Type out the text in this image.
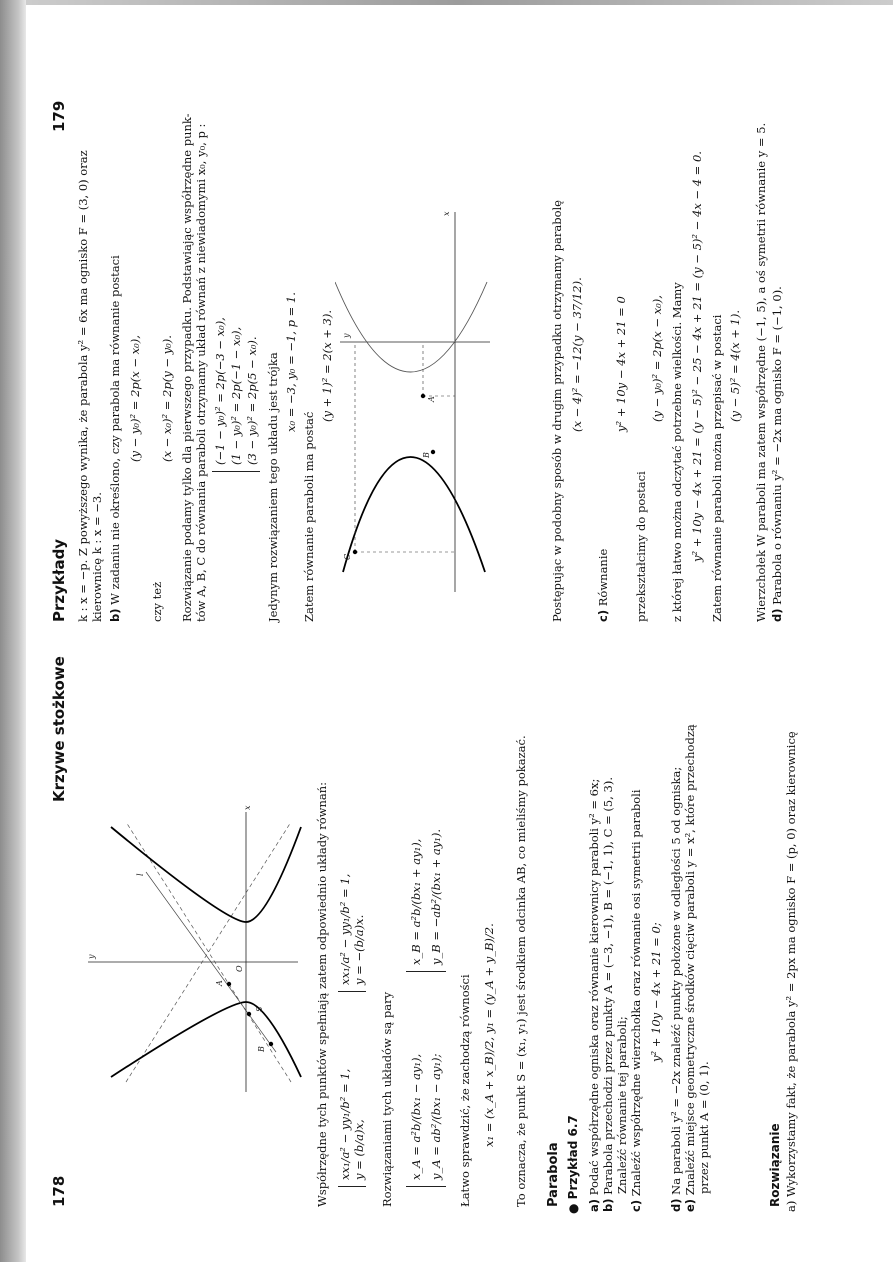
178
Krzywe stożkowe
y
x
O
A
B
S
l	Współrzędne tych punktów spełniają zatem odpowiednio układy równań: xx₁/a² − yy₁/b² = 1, y = (b/a)x,
xx₁/a² − yy₁/b² = 1, y = −(b/a)x.
Rozwiązaniami tych układów są pary x_A = a²b/(bx₁ − ay₁), y_A = ab²/(bx₁ − ay₁);
x_B = a²b/(bx₁ + ay₁), y_B = −ab²/(bx₁ + ay₁).
Łatwo sprawdzić, że zachodzą równości x₁ = (x_A + x_B)/2, y₁ = (y_A + y_B)/2. To oznacza, że punkt S = (x₁, y₁) jest środkiem odcinka AB, co mieliśmy pokazać. Parabola ● Przykład 6.7 a) Podać współrzędne ogniska oraz równanie kierownicy paraboli y² = 6x;
b) Parabola przechodzi przez punkty A = (−3, −1), B = (−1, 1), C = (5, 3). Znaleźć równanie tej paraboli;
c) Znaleźć współrzędne wierzchołka oraz równanie osi symetrii paraboli y² + 10y − 4x + 21 = 0;
d) Na paraboli y² = −2x znaleźć punkty położone w odległości 5 od ogniska;
e) Znaleźć miejsce geometryczne środków cięciw paraboli y = x², które przechodzą przez punkt A = (0, 1).	Rozwiązanie a) Wykorzystamy fakt, że parabola y² = 2px ma ognisko F = (p, 0) oraz kierownicę
Przykłady
179
k : x = −p. Z powyższego wynika, że parabola y² = 6x ma ognisko F = (3, 0) oraz kierownicę k : x = −3. b) W zadaniu nie określono, czy parabola ma równanie postaci (y − y₀)² = 2p(x − x₀),
czy też
(x − x₀)² = 2p(y − y₀). Rozwiązanie podamy tylko dla pierwszego przypadku. Podstawiając współrzędne punk- tów A, B, C do równania paraboli otrzymamy układ równań z niewiadomymi x₀, y₀, p : (−1 − y₀)² = 2p(−3 − x₀), (1 − y₀)² = 2p(−1 − x₀), (3 − y₀)² = 2p(5 − x₀). Jedynym rozwiązaniem tego układu jest trójka x₀ = −3, y₀ = −1, p = 1.
Zatem równanie paraboli ma postać
(y + 1)² = 2(x + 3). y
x
A
B
C	Postępując w podobny sposób w drugim przypadku otrzymamy parabolę (x − 4)² = −12(y − 37/12).
c) Równanie
y² + 10y − 4x + 21 = 0
przekształcimy do postaci
(y − y₀)² = 2p(x − x₀), z której łatwo można odczytać potrzebne wielkości. Mamy y² + 10y − 4x + 21 = (y − 5)² − 25 − 4x + 21 = (y − 5)² − 4x − 4 = 0. Zatem równanie paraboli można przepisać w postaci (y − 5)² = 4(x + 1). Wierzchołek W paraboli ma zatem współrzędne (−1, 5), a oś symetrii równanie y = 5. d) Parabola o równaniu y² = −2x ma ognisko F = (−1, 0).
